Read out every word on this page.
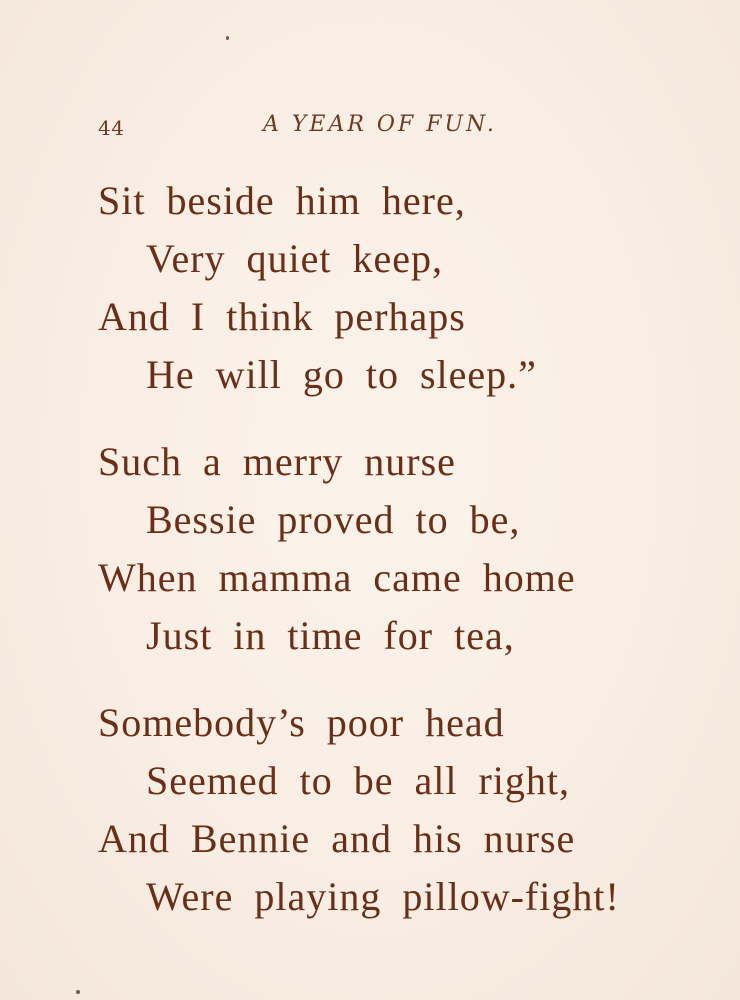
44	A YEAR OF FUN.
Sit beside him here,
Very quiet keep,
And I think perhaps
He will go to sleep.”
Such a merry nurse
Bessie proved to be,
When mamma came home
Just in time for tea,
Somebody’s poor head
Seemed to be all right,
And Bennie and his nurse
Were playing pillow-fight!
